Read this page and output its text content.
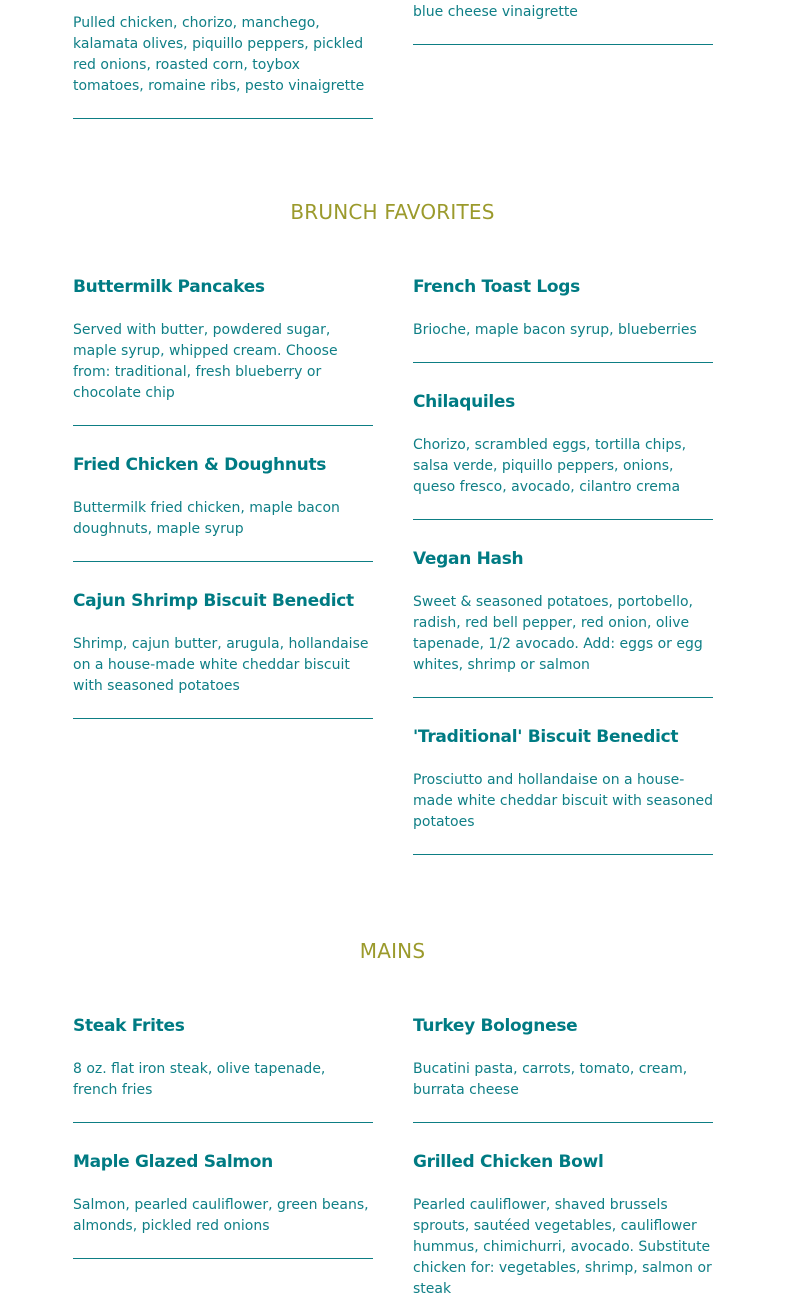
Pulled chicken, chorizo, manchego, kalamata olives, piquillo peppers, pickled red onions, roasted corn, toybox tomatoes, romaine ribs, pesto vinaigrette

blue cheese vinaigrette

BRUNCH FAVORITES
Buttermilk Pancakes

Served with butter, powdered sugar, maple syrup, whipped cream. Choose from: traditional, fresh blueberry or chocolate chip

Fried Chicken & Doughnuts

Buttermilk fried chicken, maple bacon doughnuts, maple syrup

Cajun Shrimp Biscuit Benedict

Shrimp, cajun butter, arugula, hollandaise on a house-made white cheddar biscuit with seasoned potatoes

French Toast Logs

Brioche, maple bacon syrup, blueberries

Chilaquiles

Chorizo, scrambled eggs, tortilla chips, salsa verde, piquillo peppers, onions, queso fresco, avocado, cilantro crema

Vegan Hash

Sweet & seasoned potatoes, portobello, radish, red bell pepper, red onion, olive tapenade, 1/2 avocado. Add: eggs or egg whites, shrimp or salmon

'Traditional' Biscuit Benedict

Prosciutto and hollandaise on a house-made white cheddar biscuit with seasoned potatoes

MAINS
Steak Frites

8 oz. flat iron steak, olive tapenade, french fries

Maple Glazed Salmon

Salmon, pearled cauliflower, green beans, almonds, pickled red onions

Turkey Bolognese

Bucatini pasta, carrots, tomato, cream, burrata cheese

Grilled Chicken Bowl

Pearled cauliflower, shaved brussels sprouts, sautéed vegetables, cauliflower hummus, chimichurri, avocado. Substitute chicken for: vegetables, shrimp, salmon or steak
